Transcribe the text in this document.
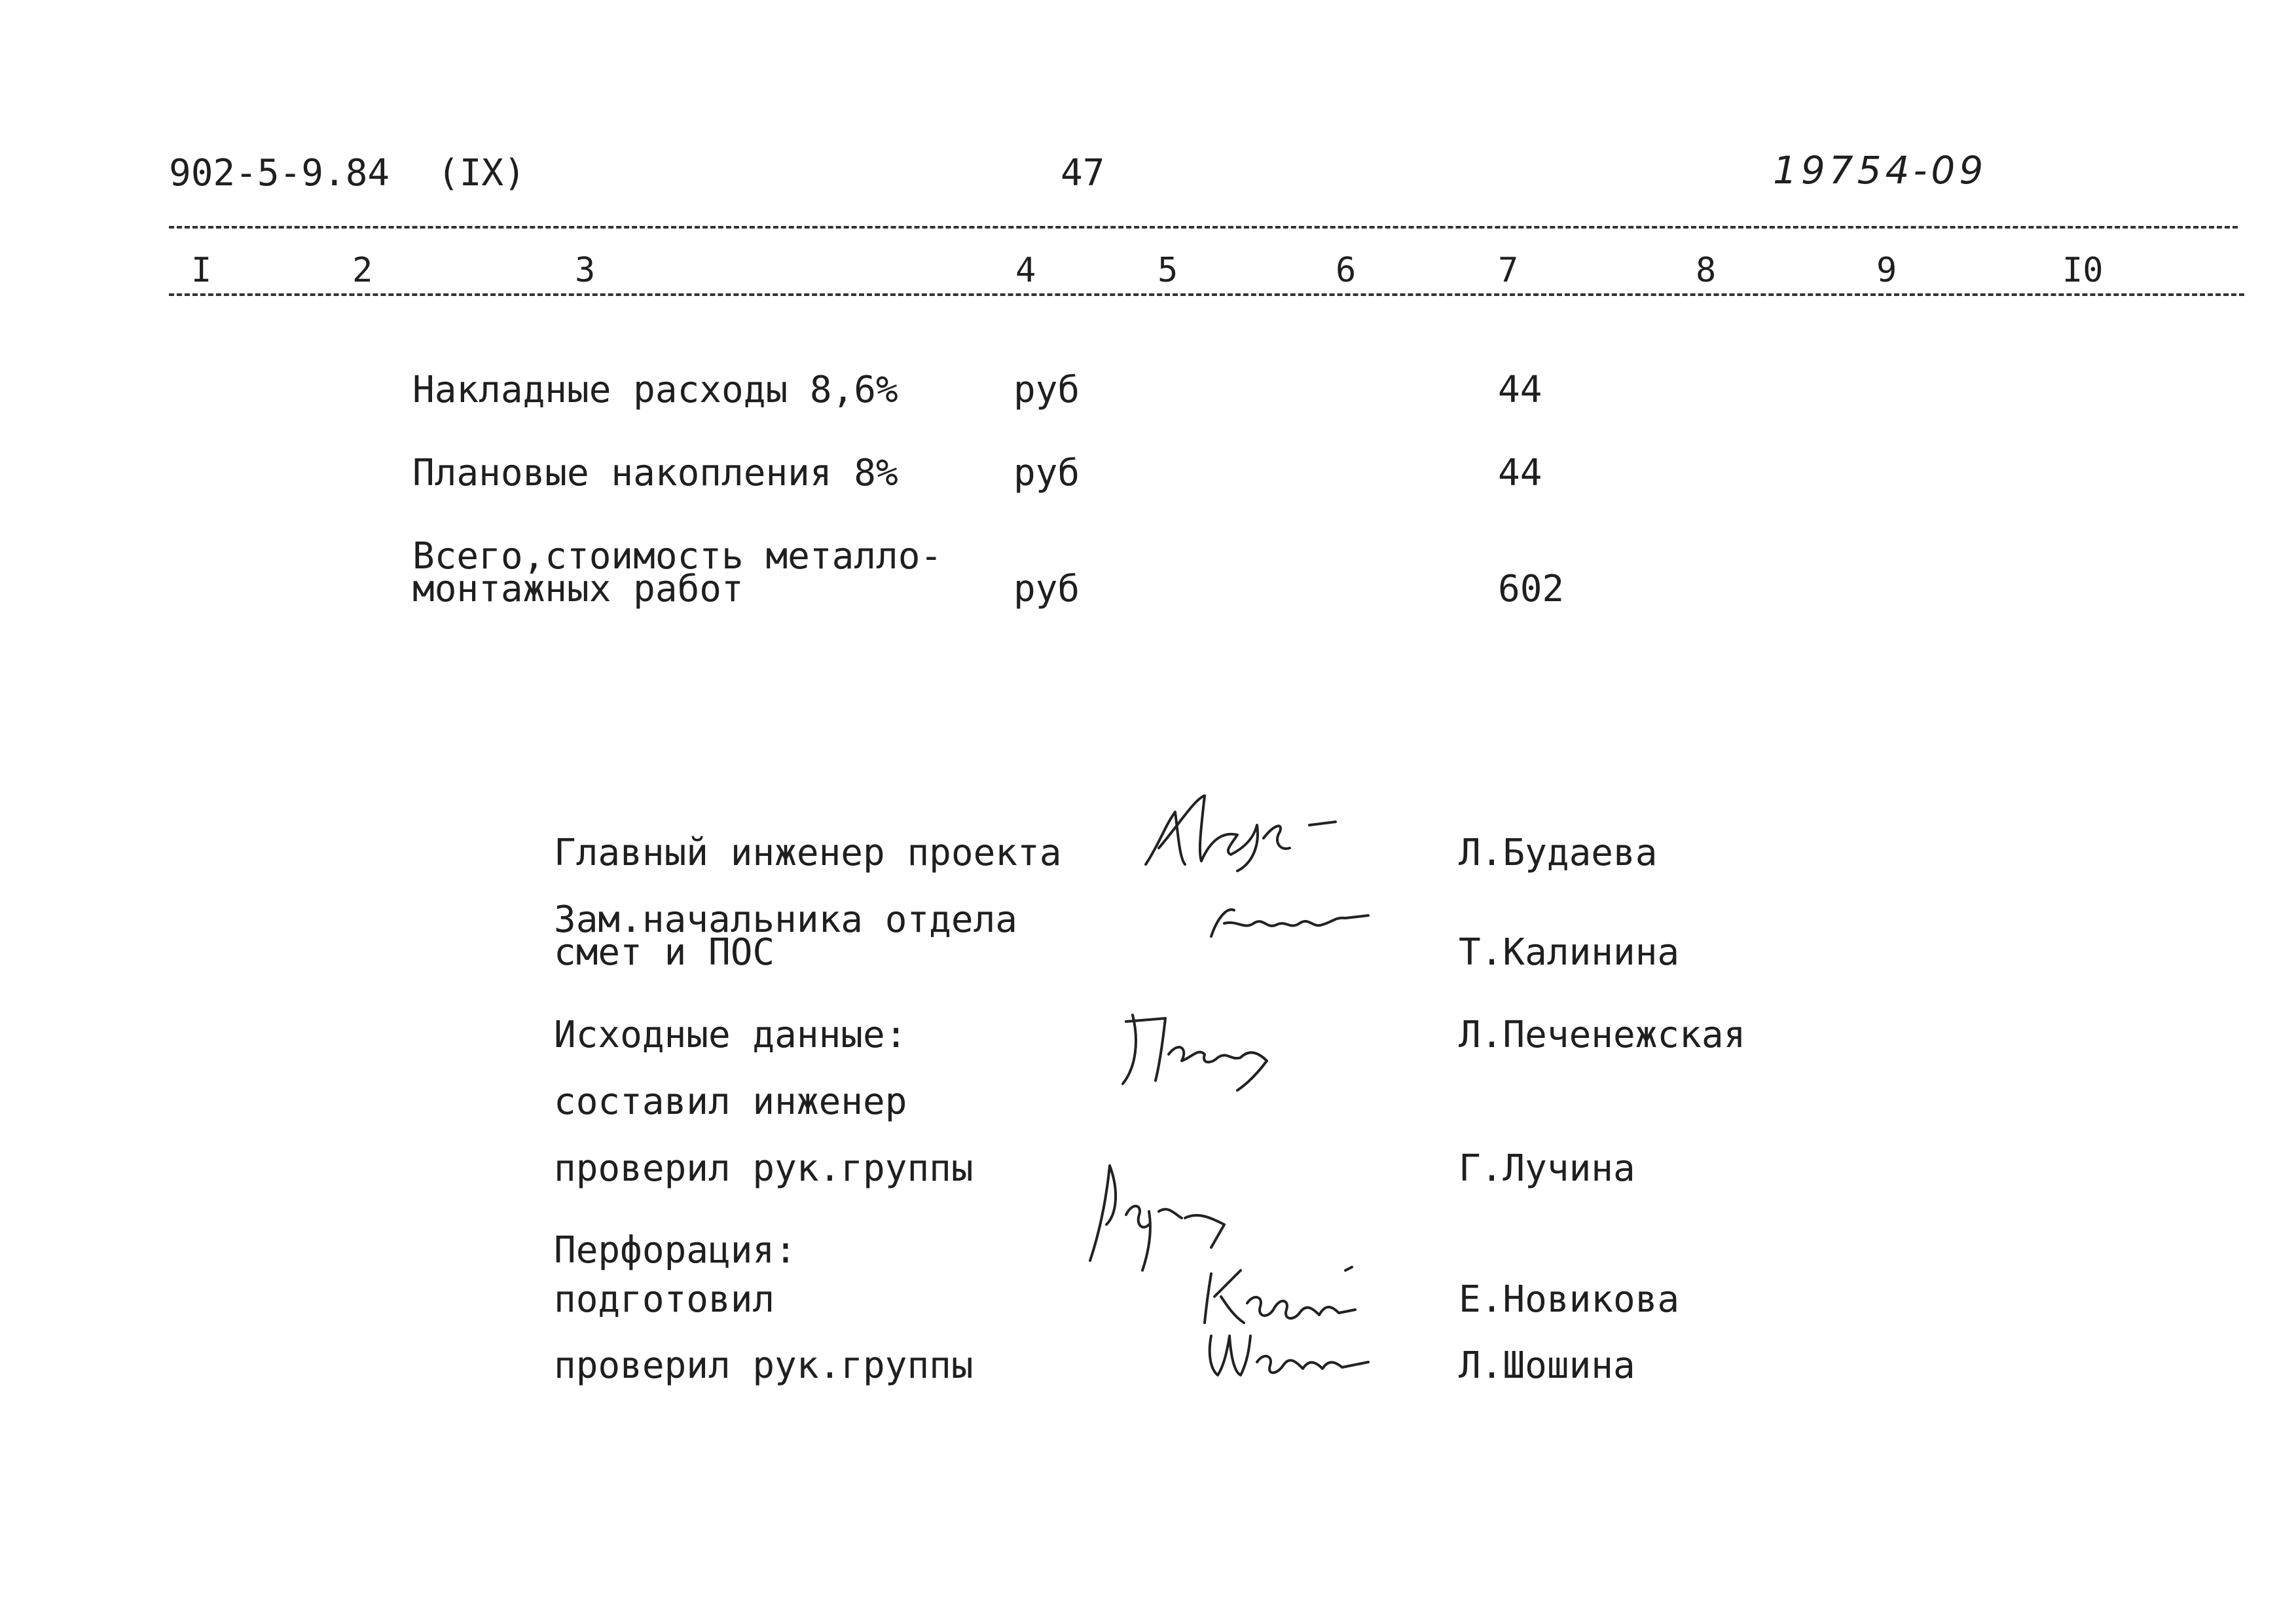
902-5-9.84 (IX)	47	19754-09
I	2	3	4	5	6	7	8	9	I0
Накладные расходы 8,6%	руб	44
Плановые накопления 8%	руб	44
Всего,стоимость металло-
монтажных работ	руб	602
Главный инженер проекта	Л.Будаева
Зам.начальника отдела
смет и ПОС	Т.Калинина
Исходные данные:	Л.Печенежская
составил инженер
проверил рук.группы	Г.Лучина
Перфорация:
подготовил	Е.Новикова
проверил рук.группы	Л.Шошина
